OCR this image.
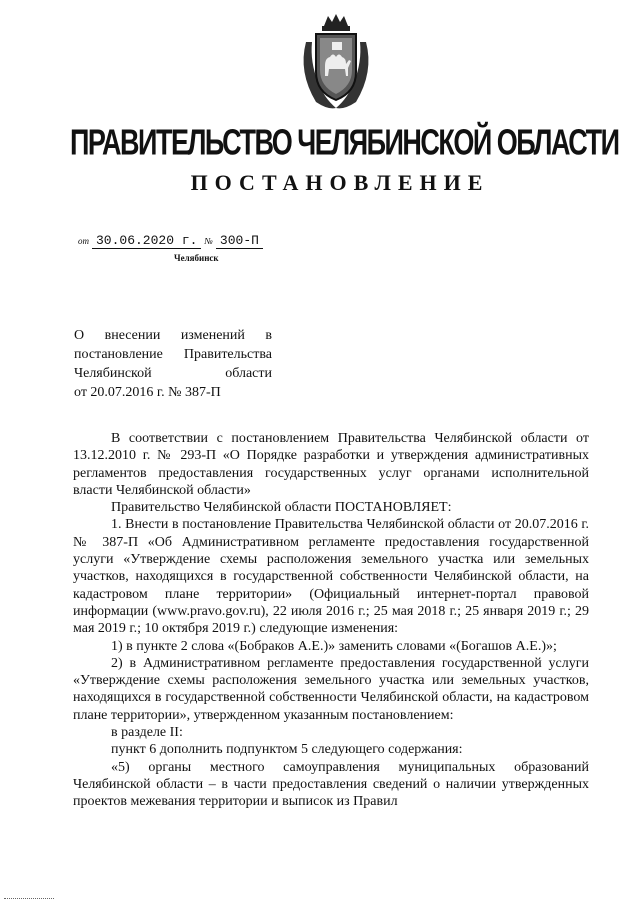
ПРАВИТЕЛЬСТВО ЧЕЛЯБИНСКОЙ ОБЛАСТИ
ПОСТАНОВЛЕНИЕ
от 30.06.2020 г. № 300-П
Челябинск
О внесении изменений в
постановление Правительства
Челябинской области
от 20.07.2016 г. № 387-П

В соответствии с постановлением Правительства Челябинской области от 13.12.2010 г. № 293-П «О Порядке разработки и утверждения административных регламентов предоставления государственных услуг органами исполнительной власти Челябинской области»

Правительство Челябинской области ПОСТАНОВЛЯЕТ:

1. Внести в постановление Правительства Челябинской области от 20.07.2016 г. № 387-П «Об Административном регламенте предоставления государственной услуги «Утверждение схемы расположения земельного участка или земельных участков, находящихся в государственной собственности Челябинской области, на кадастровом плане территории» (Официальный интернет-портал правовой информации (www.pravo.gov.ru), 22 июля 2016 г.; 25 мая 2018 г.; 25 января 2019 г.; 29 мая 2019 г.; 10 октября 2019 г.) следующие изменения:

1) в пункте 2 слова «(Бобраков А.Е.)» заменить словами «(Богашов А.Е.)»;

2) в Административном регламенте предоставления государственной услуги «Утверждение схемы расположения земельного участка или земельных участков, находящихся в государственной собственности Челябинской области, на кадастровом плане территории», утвержденном указанным постановлением:

в разделе II:

пункт 6 дополнить подпунктом 5 следующего содержания:

«5) органы местного самоуправления муниципальных образований Челябинской области – в части предоставления сведений о наличии утвержденных проектов межевания территории и выписок из Правил
